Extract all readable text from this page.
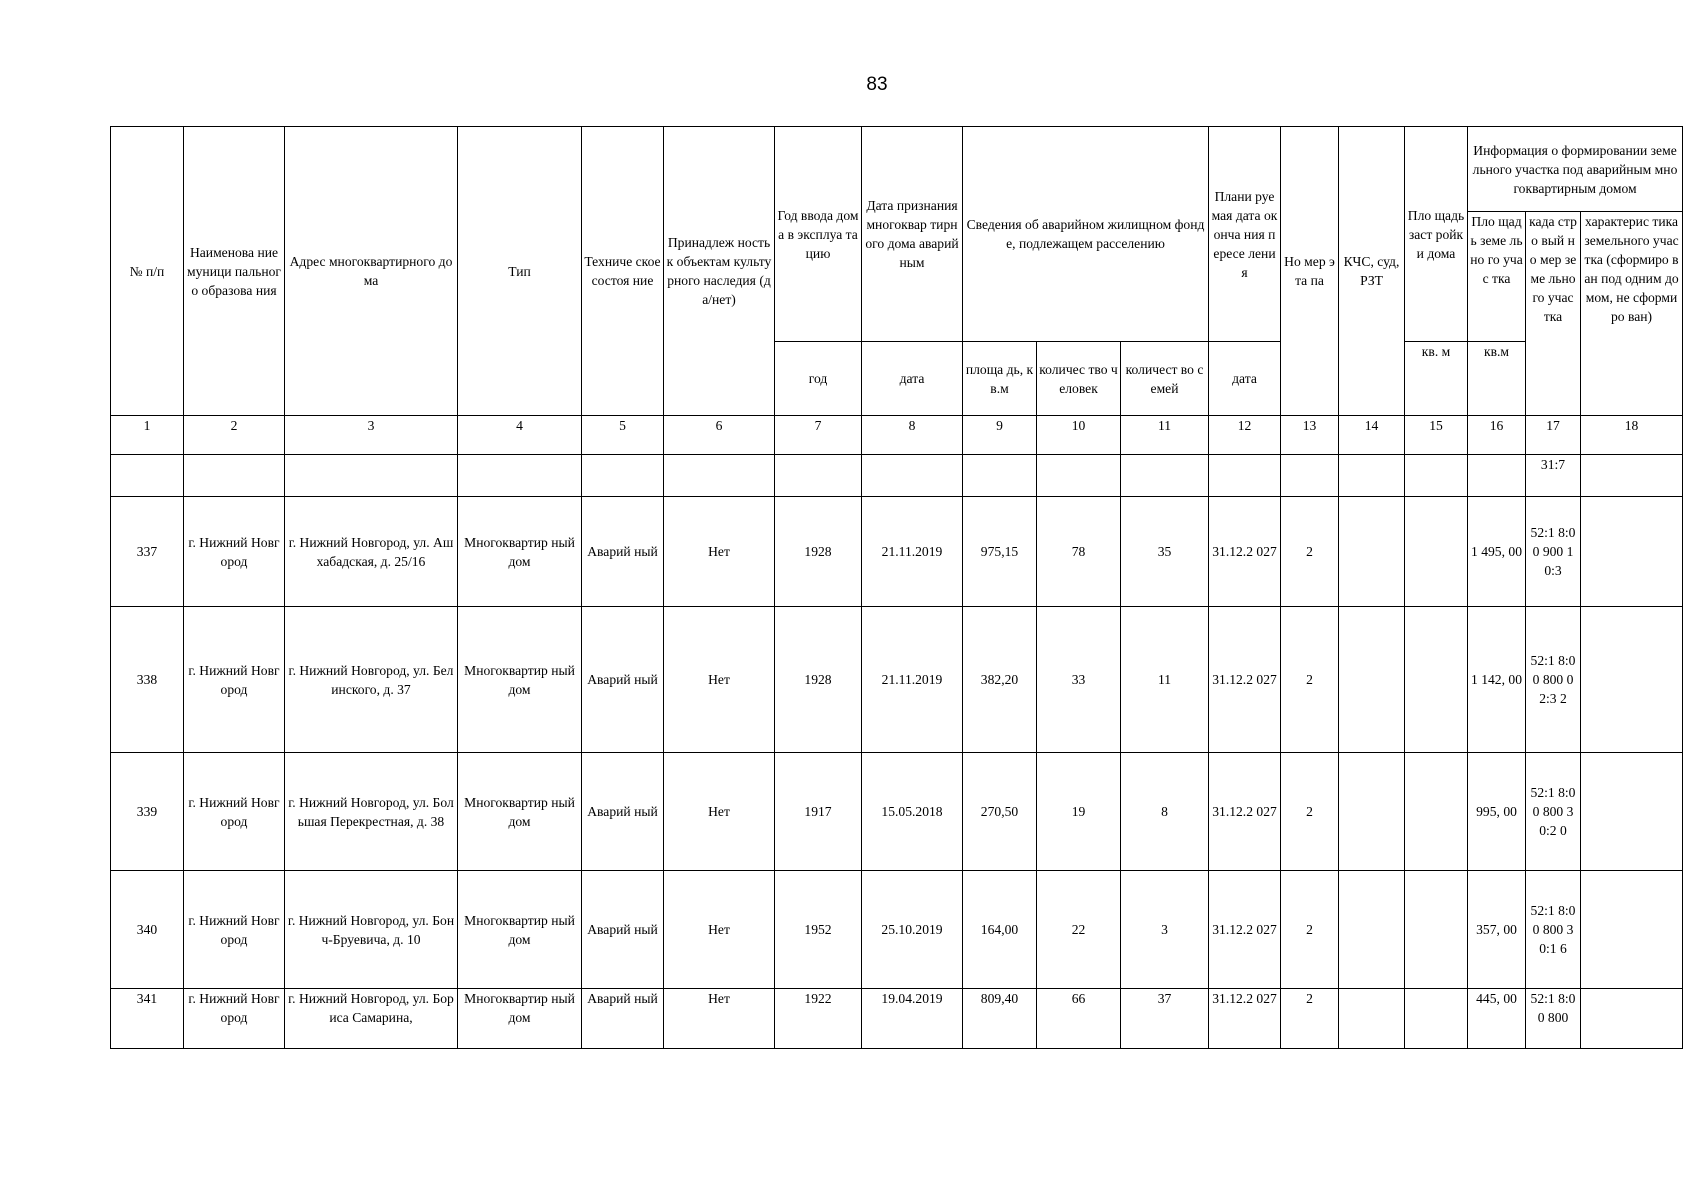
83
№ п/п	Наименова ние муници пального образова ния	Адрес многоквартирного дома	Тип	Техниче ское состоя ние	Принадлеж ность к объектам культурного наследия (да/нет)	Год ввода дома в эксплуа тацию	Дата признания многоквар тирного дома аварийным	Сведения об аварийном жилищном фонде, подлежащем расселению			Плани руемая дата оконча ния пересе ления	Но мер эта па	КЧС, суд, РЗТ	Пло щадь заст ройки дома	Информация о формировании земельного участка под аварийным многоквартирным домом		
															Пло щадь земе льно го учас тка	када стро вый но мер земе льно го учас тка	характерис тика земельного участка (сформиро ван под одним домом, не сформиро ван)
						год	дата	площа дь, кв.м	количес тво человек	количест во семей	дата			кв. м	кв.м		
1	2	3	4	5	6	7	8	9	10	11	12	13	14	15	16	17	18
																31:7	
337	г. Нижний Новгород	г. Нижний Новгород, ул. Ашхабадская, д. 25/16	Многоквартир ный дом	Аварий ный	Нет	1928	21.11.2019	975,15	78	35	31.12.2 027	2			1 495, 00	52:1 8:00 900 10:3	
338	г. Нижний Новгород	г. Нижний Новгород, ул. Белинского, д. 37	Многоквартир ный дом	Аварий ный	Нет	1928	21.11.2019	382,20	33	11	31.12.2 027	2			1 142, 00	52:1 8:00 800 02:3 2	
339	г. Нижний Новгород	г. Нижний Новгород, ул. Большая Перекрестная, д. 38	Многоквартир ный дом	Аварий ный	Нет	1917	15.05.2018	270,50	19	8	31.12.2 027	2			995, 00	52:1 8:00 800 30:2 0	
340	г. Нижний Новгород	г. Нижний Новгород, ул. Бонч-Бруевича, д. 10	Многоквартир ный дом	Аварий ный	Нет	1952	25.10.2019	164,00	22	3	31.12.2 027	2			357, 00	52:1 8:00 800 30:1 6	
341	г. Нижний Новгород	г. Нижний Новгород, ул. Бориса Самарина,	Многоквартир ный дом	Аварий ный	Нет	1922	19.04.2019	809,40	66	37	31.12.2 027	2			445, 00	52:1 8:00 800	
